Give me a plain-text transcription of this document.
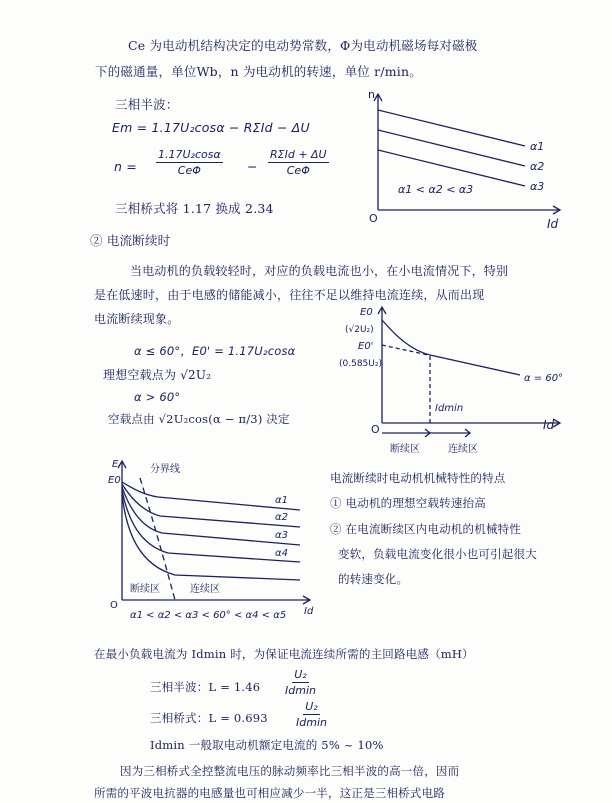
Ce 为电动机结构决定的电动势常数，Φ为电动机磁场每对磁极
下的磁通量，单位Wb，n 为电动机的转速，单位 r/min。
三相半波：
Em = 1.17U₂cosα − RΣId − ΔU
n =
1.17U₂cosα
CeΦ	−
RΣId + ΔU
CeΦ
三相桥式将 1.17 换成 2.34
n
Id
O
α1
α2
α3
α1 < α2 < α3
② 电流断续时
当电动机的负载较轻时，对应的负载电流也小，在小电流情况下，特别
是在低速时，由于电感的储能减小，往往不足以维持电流连续，从而出现
电流断续现象。
α ≤ 60°，E0' = 1.17U₂cosα
理想空载点为 √2U₂
α > 60°
空载点由 √2U₂cos(α − π/3) 决定
E0
(√2U₂)
E0'
(0.585U₂)
Id
Idmin
O
α = 60°
断续区	连续区
E
E0
分界线
α1
α2
α3
α4
断续区	连续区
O
Id
α1 < α2 < α3 < 60° < α4 < α5
电流断续时电动机机械特性的特点
① 电动机的理想空载转速抬高
② 在电流断续区内电动机的机械特性
变软，负载电流变化很小也可引起很大
的转速变化。
在最小负载电流为 Idmin 时，为保证电流连续所需的主回路电感（mH）
三相半波：L = 1.46
U₂
Idmin
三相桥式：L = 0.693
U₂
Idmin
Idmin 一般取电动机额定电流的 5% ~ 10%
因为三相桥式全控整流电压的脉动频率比三相半波的高一倍，因而
所需的平波电抗器的电感量也可相应减少一半，这正是三相桥式电路
